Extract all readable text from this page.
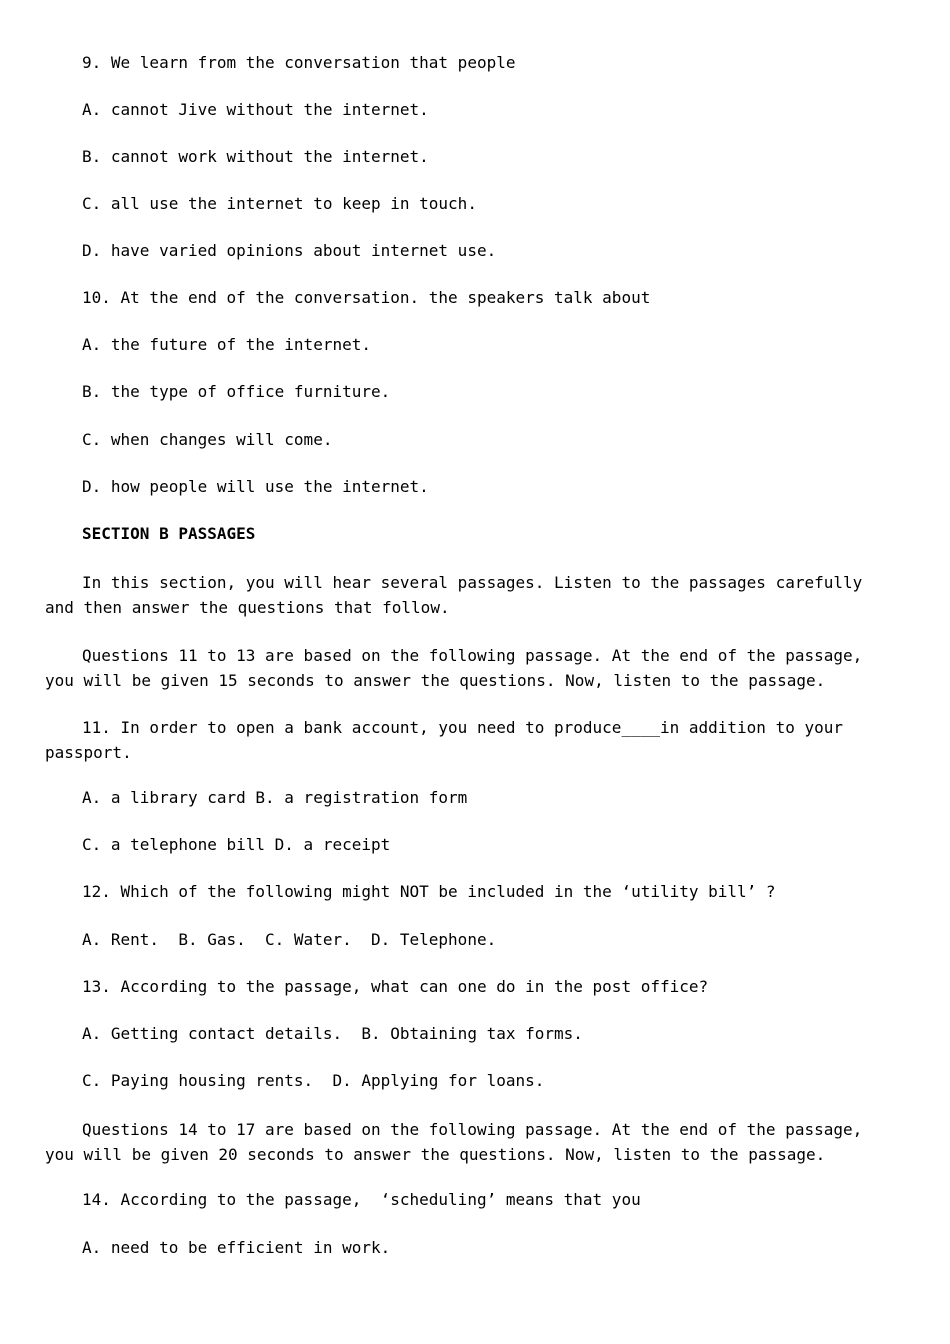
9. We learn from the conversation that people
A. cannot Jive without the internet.
B. cannot work without the internet.
C. all use the internet to keep in touch.
D. have varied opinions about internet use.
10. At the end of the conversation. the speakers talk about
A. the future of the internet.
B. the type of office furniture.
C. when changes will come.
D. how people will use the internet.
SECTION B PASSAGES
In this section, you will hear several passages. Listen to the passages carefully and then answer the questions that follow.
Questions 11 to 13 are based on the following passage. At the end of the passage, you will be given 15 seconds to answer the questions. Now, listen to the passage.
11. In order to open a bank account, you need to produce____in addition to your passport.
A. a library card B. a registration form
C. a telephone bill D. a receipt
12. Which of the following might NOT be included in the ‘utility bill’ ?
A. Rent.  B. Gas.  C. Water.  D. Telephone.
13. According to the passage, what can one do in the post office?
A. Getting contact details.  B. Obtaining tax forms.
C. Paying housing rents.  D. Applying for loans.
Questions 14 to 17 are based on the following passage. At the end of the passage, you will be given 20 seconds to answer the questions. Now, listen to the passage.
14. According to the passage,  ‘scheduling’ means that you
A. need to be efficient in work.
